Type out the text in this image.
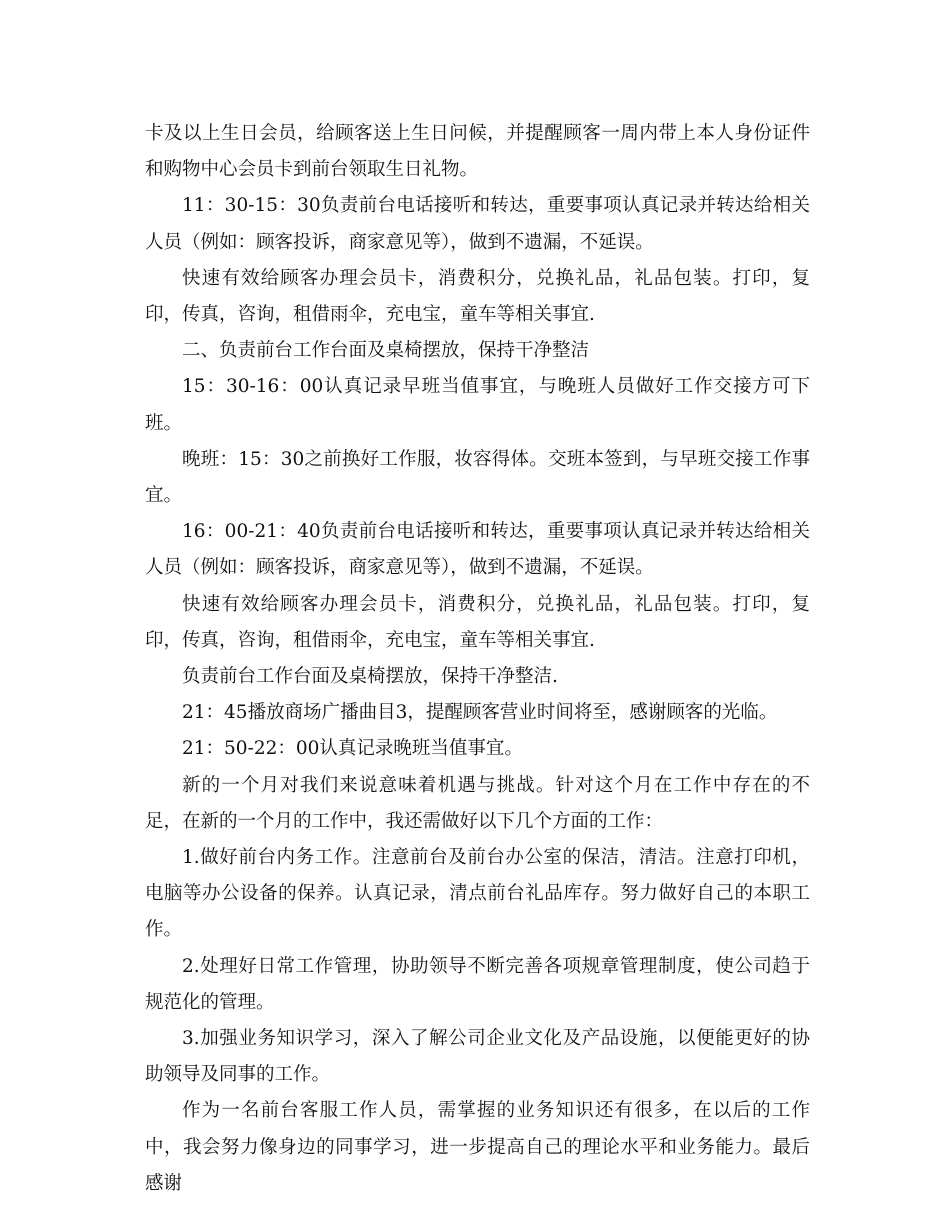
卡及以上生日会员，给顾客送上生日问候，并提醒顾客一周内带上本人身份证件和购物中心会员卡到前台领取生日礼物。

11：30-15：30负责前台电话接听和转达，重要事项认真记录并转达给相关人员（例如：顾客投诉，商家意见等），做到不遗漏，不延误。

快速有效给顾客办理会员卡，消费积分，兑换礼品，礼品包装。打印，复印，传真，咨询，租借雨伞，充电宝，童车等相关事宜.

二、负责前台工作台面及桌椅摆放，保持干净整洁

15：30-16：00认真记录早班当值事宜，与晚班人员做好工作交接方可下班。

晚班：15：30之前换好工作服，妆容得体。交班本签到，与早班交接工作事宜。

16：00-21：40负责前台电话接听和转达，重要事项认真记录并转达给相关人员（例如：顾客投诉，商家意见等），做到不遗漏，不延误。

快速有效给顾客办理会员卡，消费积分，兑换礼品，礼品包装。打印，复印，传真，咨询，租借雨伞，充电宝，童车等相关事宜.

负责前台工作台面及桌椅摆放，保持干净整洁.

21：45播放商场广播曲目3，提醒顾客营业时间将至，感谢顾客的光临。

21：50-22：00认真记录晚班当值事宜。

新的一个月对我们来说意味着机遇与挑战。针对这个月在工作中存在的不足，在新的一个月的工作中，我还需做好以下几个方面的工作：

1.做好前台内务工作。注意前台及前台办公室的保洁，清洁。注意打印机，电脑等办公设备的保养。认真记录，清点前台礼品库存。努力做好自己的本职工作。

2.处理好日常工作管理，协助领导不断完善各项规章管理制度，使公司趋于规范化的管理。

3.加强业务知识学习，深入了解公司企业文化及产品设施，以便能更好的协助领导及同事的工作。

作为一名前台客服工作人员，需掌握的业务知识还有很多，在以后的工作中，我会努力像身边的同事学习，进一步提高自己的理论水平和业务能力。最后感谢
